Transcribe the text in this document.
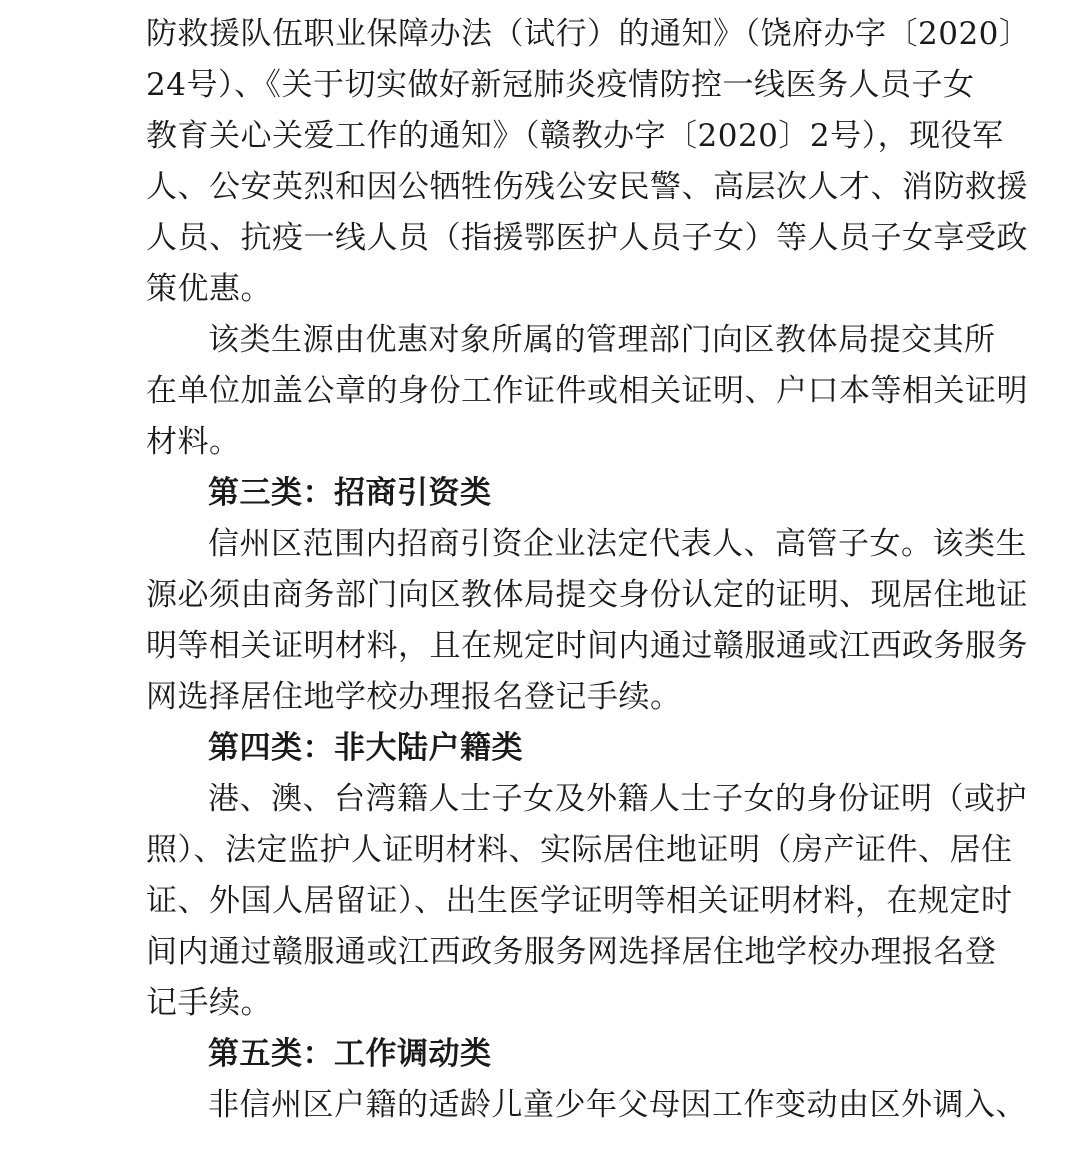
防救援队伍职业保障办法（试行）的通知》（饶府办字〔2020〕
24号）、《关于切实做好新冠肺炎疫情防控一线医务人员子女
教育关心关爱工作的通知》（赣教办字〔2020〕2号），现役军
人、公安英烈和因公牺牲伤残公安民警、高层次人才、消防救援
人员、抗疫一线人员（指援鄂医护人员子女）等人员子女享受政
策优惠。
该类生源由优惠对象所属的管理部门向区教体局提交其所
在单位加盖公章的身份工作证件或相关证明、户口本等相关证明
材料。
第三类：招商引资类
信州区范围内招商引资企业法定代表人、高管子女。该类生
源必须由商务部门向区教体局提交身份认定的证明、现居住地证
明等相关证明材料，且在规定时间内通过赣服通或江西政务服务
网选择居住地学校办理报名登记手续。
第四类：非大陆户籍类
港、澳、台湾籍人士子女及外籍人士子女的身份证明（或护
照）、法定监护人证明材料、实际居住地证明（房产证件、居住
证、外国人居留证）、出生医学证明等相关证明材料，在规定时
间内通过赣服通或江西政务服务网选择居住地学校办理报名登
记手续。
第五类：工作调动类
非信州区户籍的适龄儿童少年父母因工作变动由区外调入、
